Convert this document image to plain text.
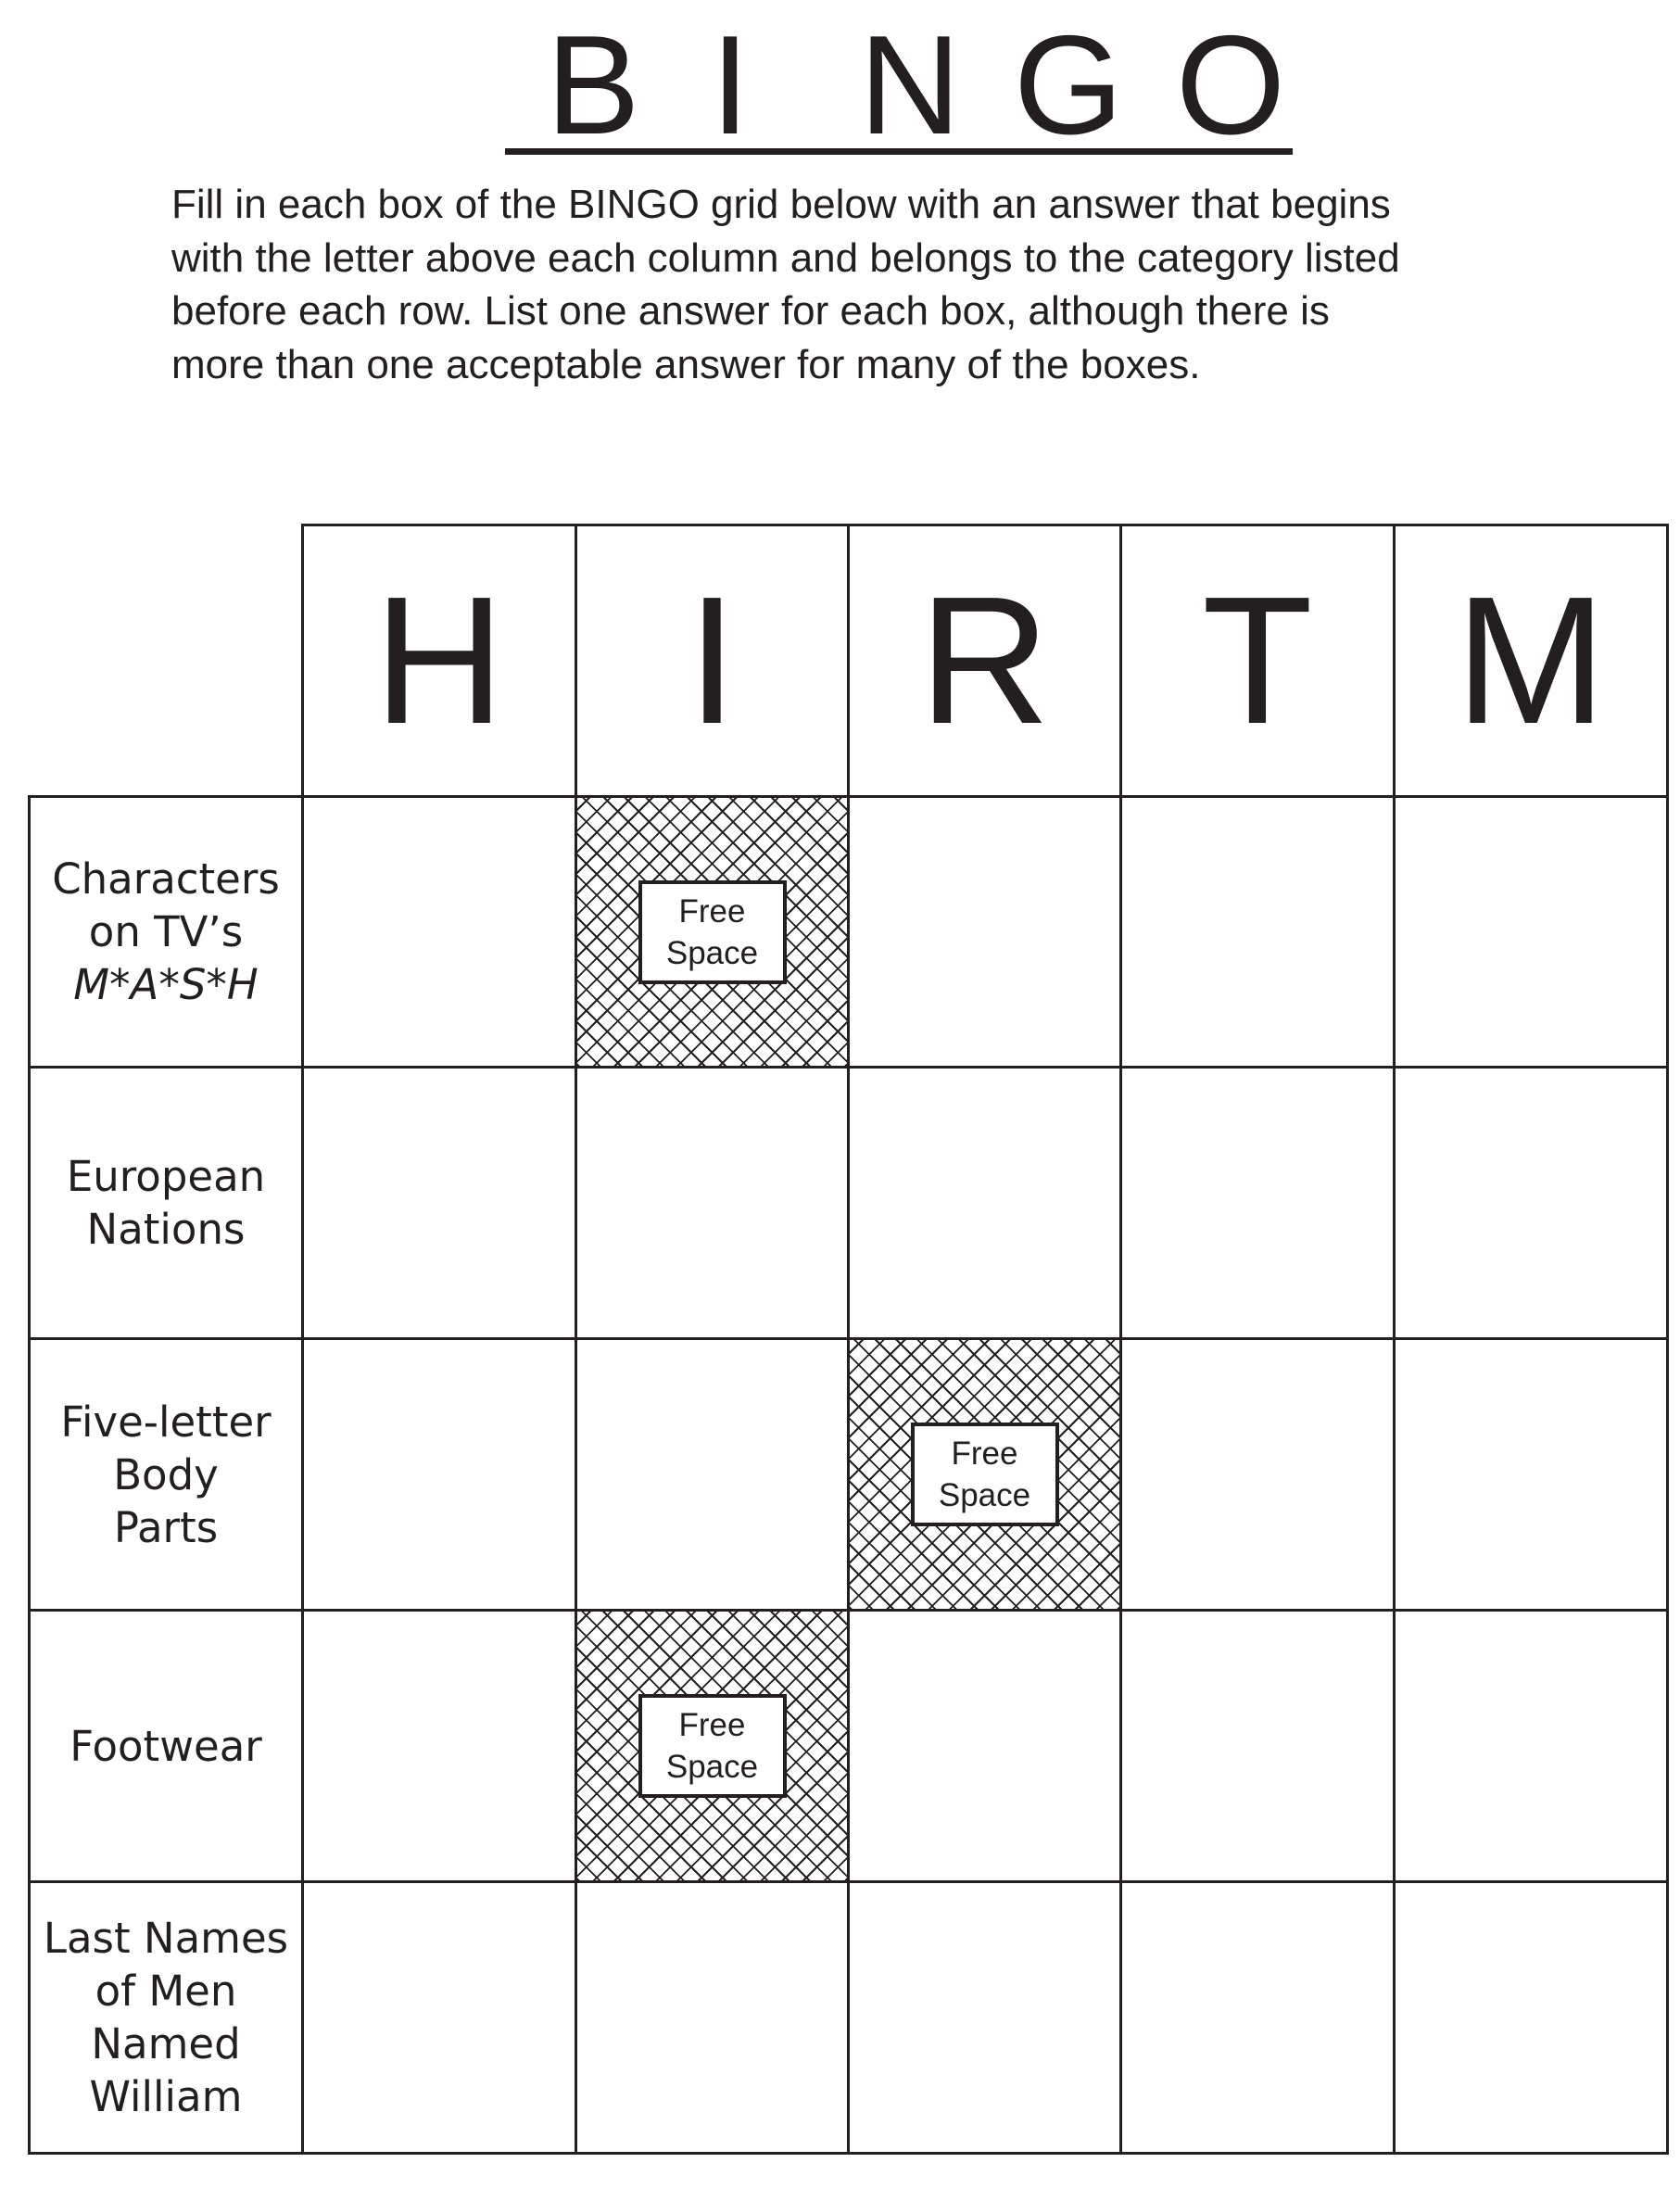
B I N G O
Fill in each box of the BINGO grid below with an answer that begins
with the letter above each column and belongs to the category listed
before each row. List one answer for each box, although there is
more than one acceptable answer for many of the boxes.
H	I R T M
Characters
on TV’s
M*A*S*H
Free
Space
European
Nations
Five-letter
Body
Parts
Free
Space
Footwear	Free
Space
Last Names
of Men
Named
William
